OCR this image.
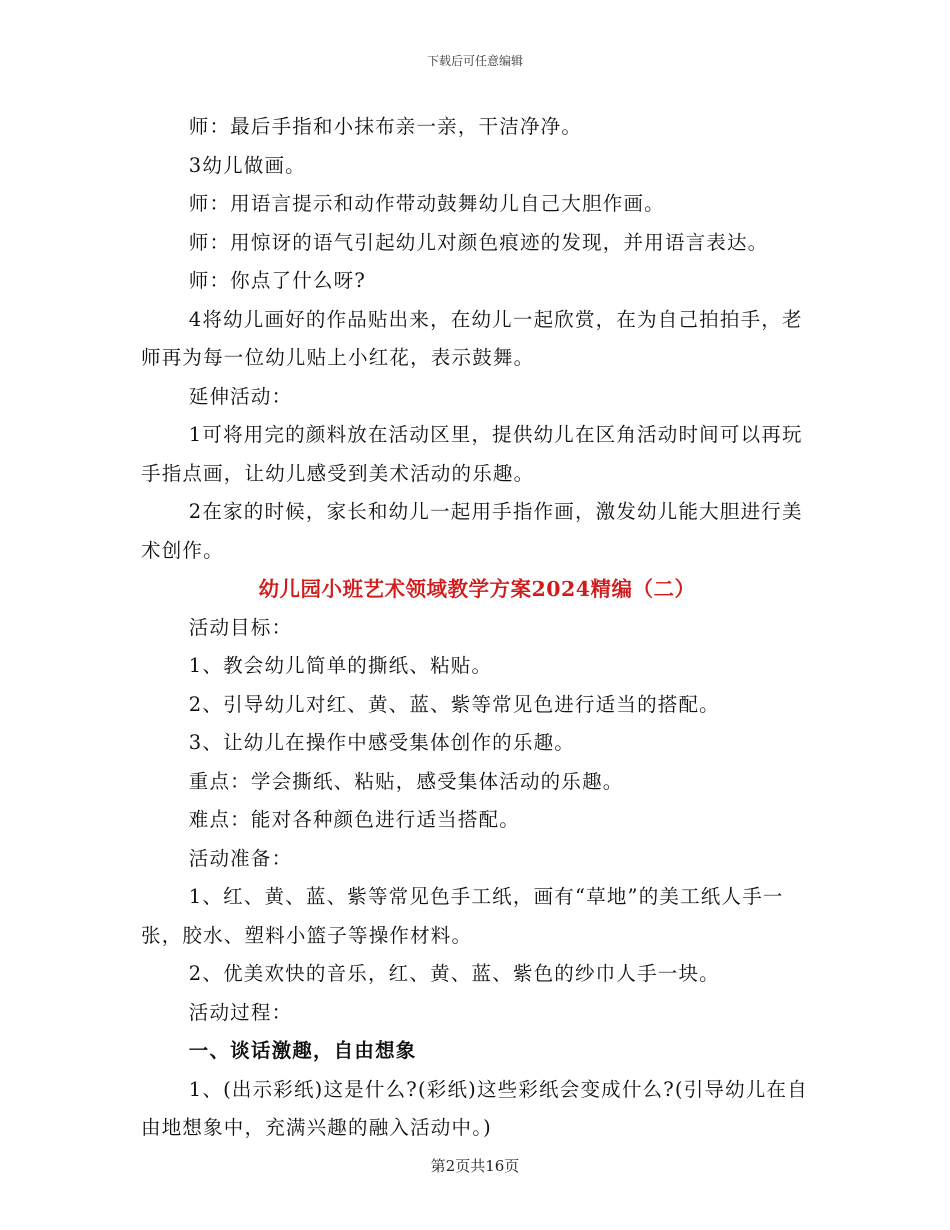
下载后可任意编辑

师：最后手指和小抹布亲一亲，干洁净净。

3幼儿做画。

师：用语言提示和动作带动鼓舞幼儿自己大胆作画。

师：用惊讶的语气引起幼儿对颜色痕迹的发现，并用语言表达。

师：你点了什么呀?

4将幼儿画好的作品贴出来，在幼儿一起欣赏，在为自己拍拍手，老师再为每一位幼儿贴上小红花，表示鼓舞。

延伸活动：

1可将用完的颜料放在活动区里，提供幼儿在区角活动时间可以再玩手指点画，让幼儿感受到美术活动的乐趣。

2在家的时候，家长和幼儿一起用手指作画，激发幼儿能大胆进行美术创作。

幼儿园小班艺术领域教学方案2024精编（二）

活动目标：

1、教会幼儿简单的撕纸、粘贴。

2、引导幼儿对红、黄、蓝、紫等常见色进行适当的搭配。

3、让幼儿在操作中感受集体创作的乐趣。

重点：学会撕纸、粘贴，感受集体活动的乐趣。

难点：能对各种颜色进行适当搭配。

活动准备：

1、红、黄、蓝、紫等常见色手工纸，画有“草地”的美工纸人手一张，胶水、塑料小篮子等操作材料。

2、优美欢快的音乐，红、黄、蓝、紫色的纱巾人手一块。

活动过程：

一、谈话激趣，自由想象

1、(出示彩纸)这是什么?(彩纸)这些彩纸会变成什么?(引导幼儿在自由地想象中，充满兴趣的融入活动中。)

第2页共16页
